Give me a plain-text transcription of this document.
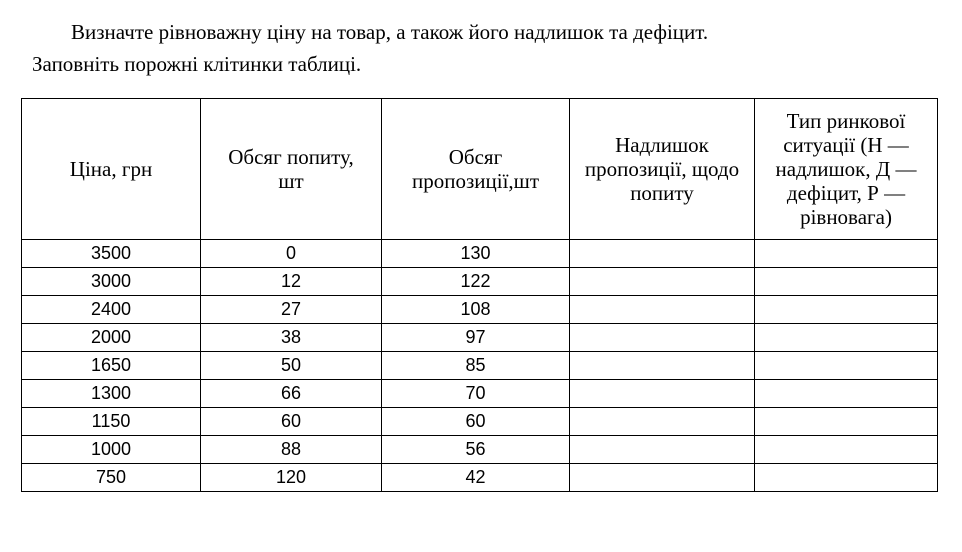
Визначте рівноважну ціну на товар, а також його надлишок та дефіцит.
Заповніть порожні клітинки таблиці.
Ціна, грн	Обсяг попиту, шт	Обсяг пропозиції,шт	Надлишок пропозиції, щодо попиту	Тип ринкової ситуації (Н — надлишок, Д — дефіцит, Р — рівновага)
3500	0	130		
3000	12	122		
2400	27	108		
2000	38	97		
1650	50	85		
1300	66	70		
1150	60	60		
1000	88	56		
750	120	42		
